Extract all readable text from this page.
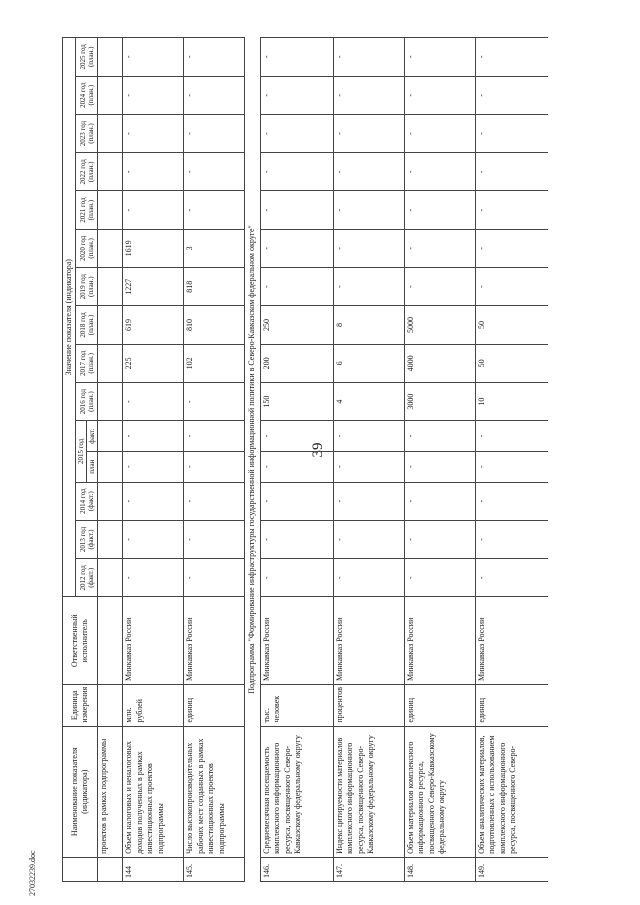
39
27032239.doc
	Наименование показателя (индикатора)	Единица измерения	Ответственный исполнитель	Значение показателя (индикатора)														
				2012 год (факт.)	2013 год (факт.)	2014 год (факт.)	2015 год		2016 год (план.)	2017 год (план.)	2018 год (план.)	2019 год (план.)	2020 год (план.)	2021 год (план.)	2022 год (план.)	2023 год (план.)	2024 год (план.)	2025 год (план.)
							план	факт.										
	проектов в рамках подпрограммы																	
144	Объем налоговых и неналоговых доходов полученных в рамках инвестиционных проектов подпрограммы	млн. рублей	Минкавказ России	-	-	-	-	-	-	225	619	1227	1619	-	-	-	-	-
145.	Число высокопроизводительных рабочих мест созданных в рамках инвестиционных проектов подпрограммы	единиц	Минкавказ России	-	-	-	-	-	-	102	810	818	3	-	-	-	-	-
Подпрограмма "Формирование инфраструктуры государственной информационной политики в Северо-Кавказском федеральном округе"																		
146.	Среднемесячная посещаемость комплексного информационного ресурса, посвященного Северо-Кавказскому федеральному округу	тыс. человек	Минкавказ России	-	-	-	-	-	150	200	250	-	-	-	-	-	-	-
147.	Индекс цитируемости материалов комплексного информационного ресурса, посвященного Северо-Кавказскому федеральному округу	процентов	Минкавказ России	-	-	-	-	-	4	6	8	-	-	-	-	-	-	-
148.	Объем материалов комплексного информационного ресурса, посвященного Северо-Кавказскому федеральному округу	единиц	Минкавказ России	-	-	-	-	-	3000	4000	5000	-	-	-	-	-	-	-
149.	Объем аналитических материалов, подготовленных с использованием комплексного информационного ресурса, посвященного Северо-	единиц	Минкавказ России	-	-	-	-	-	10	50	50	-	-	-	-	-	-	-
